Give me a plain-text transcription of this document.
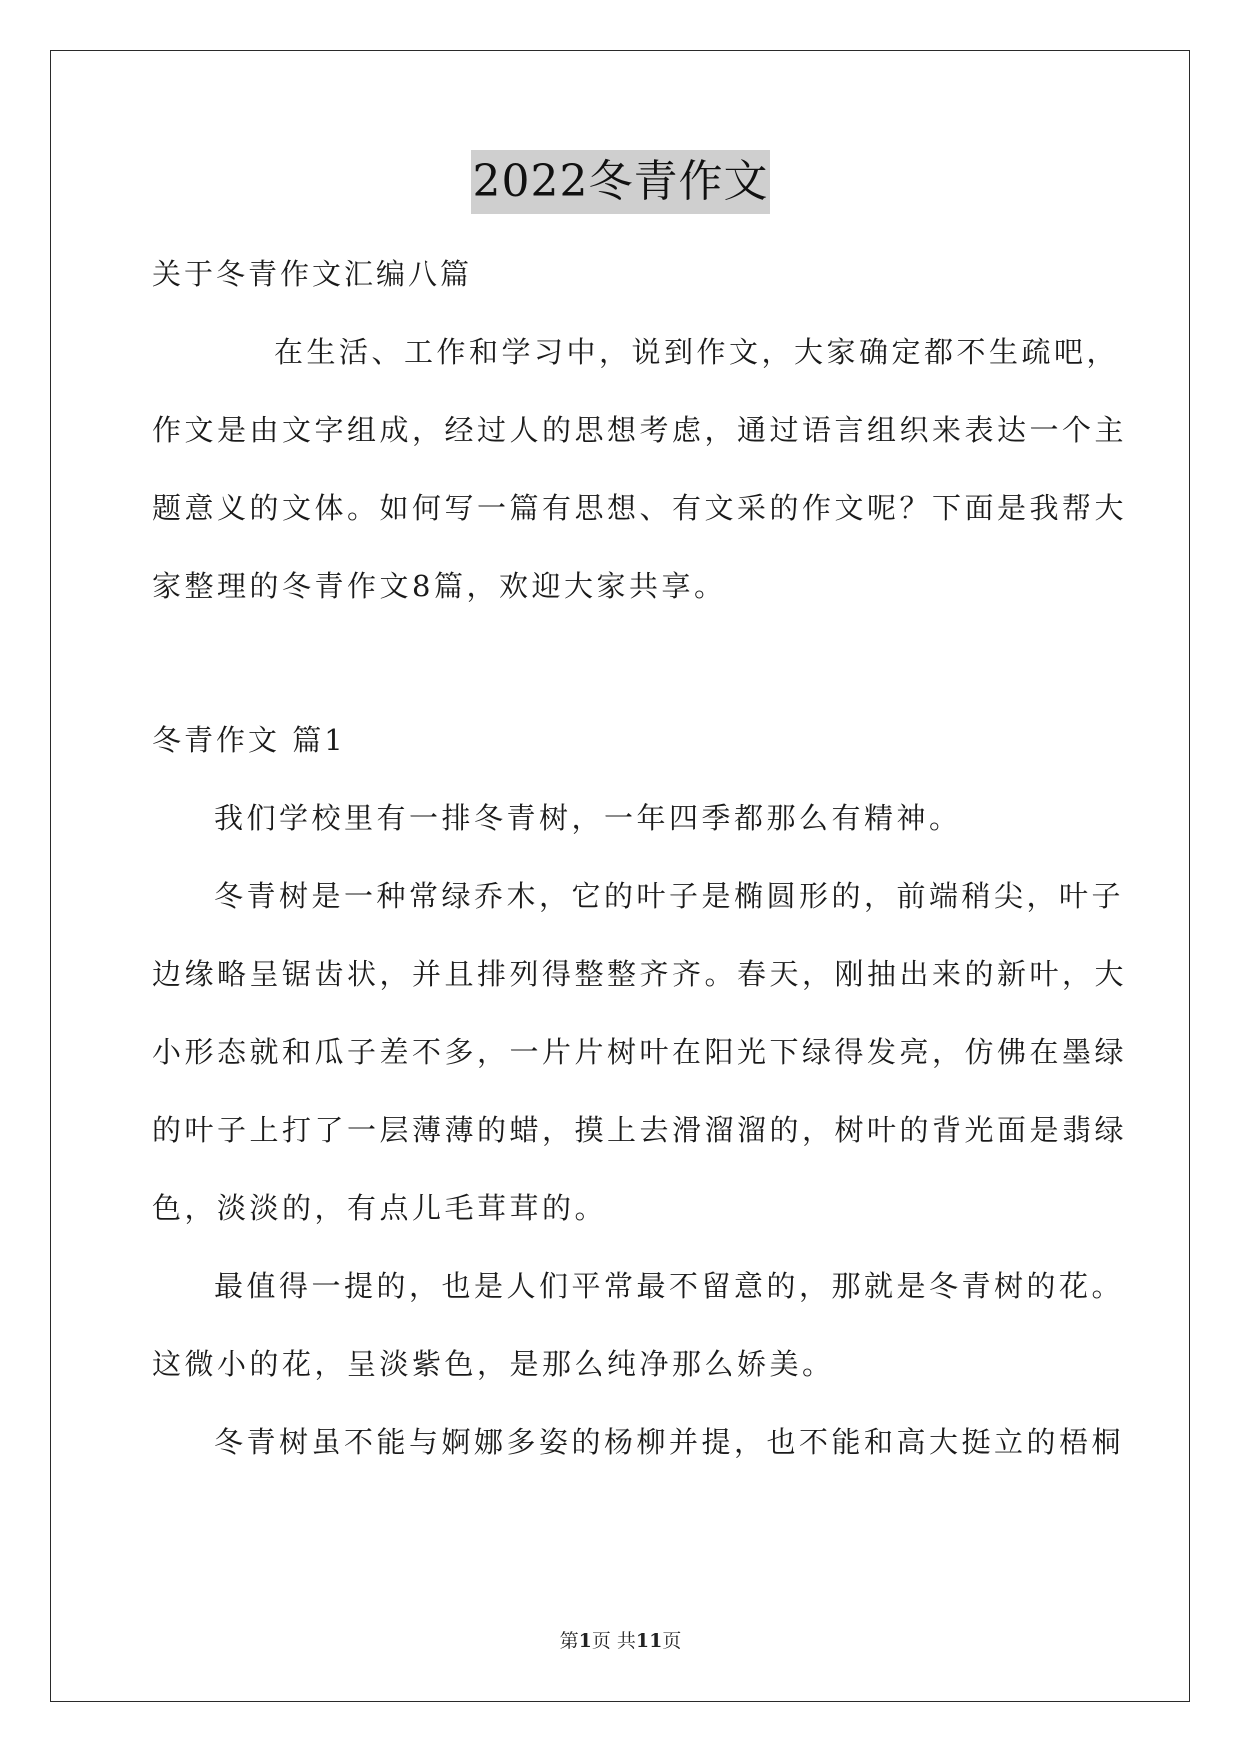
2022冬青作文
关于冬青作文汇编八篇
在生活、工作和学习中，说到作文，大家确定都不生疏吧，
作文是由文字组成，经过人的思想考虑，通过语言组织来表达一个主
题意义的文体。如何写一篇有思想、有文采的作文呢？下面是我帮大
家整理的冬青作文8篇，欢迎大家共享。
冬青作文 篇1
我们学校里有一排冬青树，一年四季都那么有精神。
冬青树是一种常绿乔木，它的叶子是椭圆形的，前端稍尖，叶子
边缘略呈锯齿状，并且排列得整整齐齐。春天，刚抽出来的新叶，大
小形态就和瓜子差不多，一片片树叶在阳光下绿得发亮，仿佛在墨绿
的叶子上打了一层薄薄的蜡，摸上去滑溜溜的，树叶的背光面是翡绿
色，淡淡的，有点儿毛茸茸的。
最值得一提的，也是人们平常最不留意的，那就是冬青树的花。
这微小的花，呈淡紫色，是那么纯净那么娇美。
冬青树虽不能与婀娜多姿的杨柳并提，也不能和高大挺立的梧桐
第1页 共11页
